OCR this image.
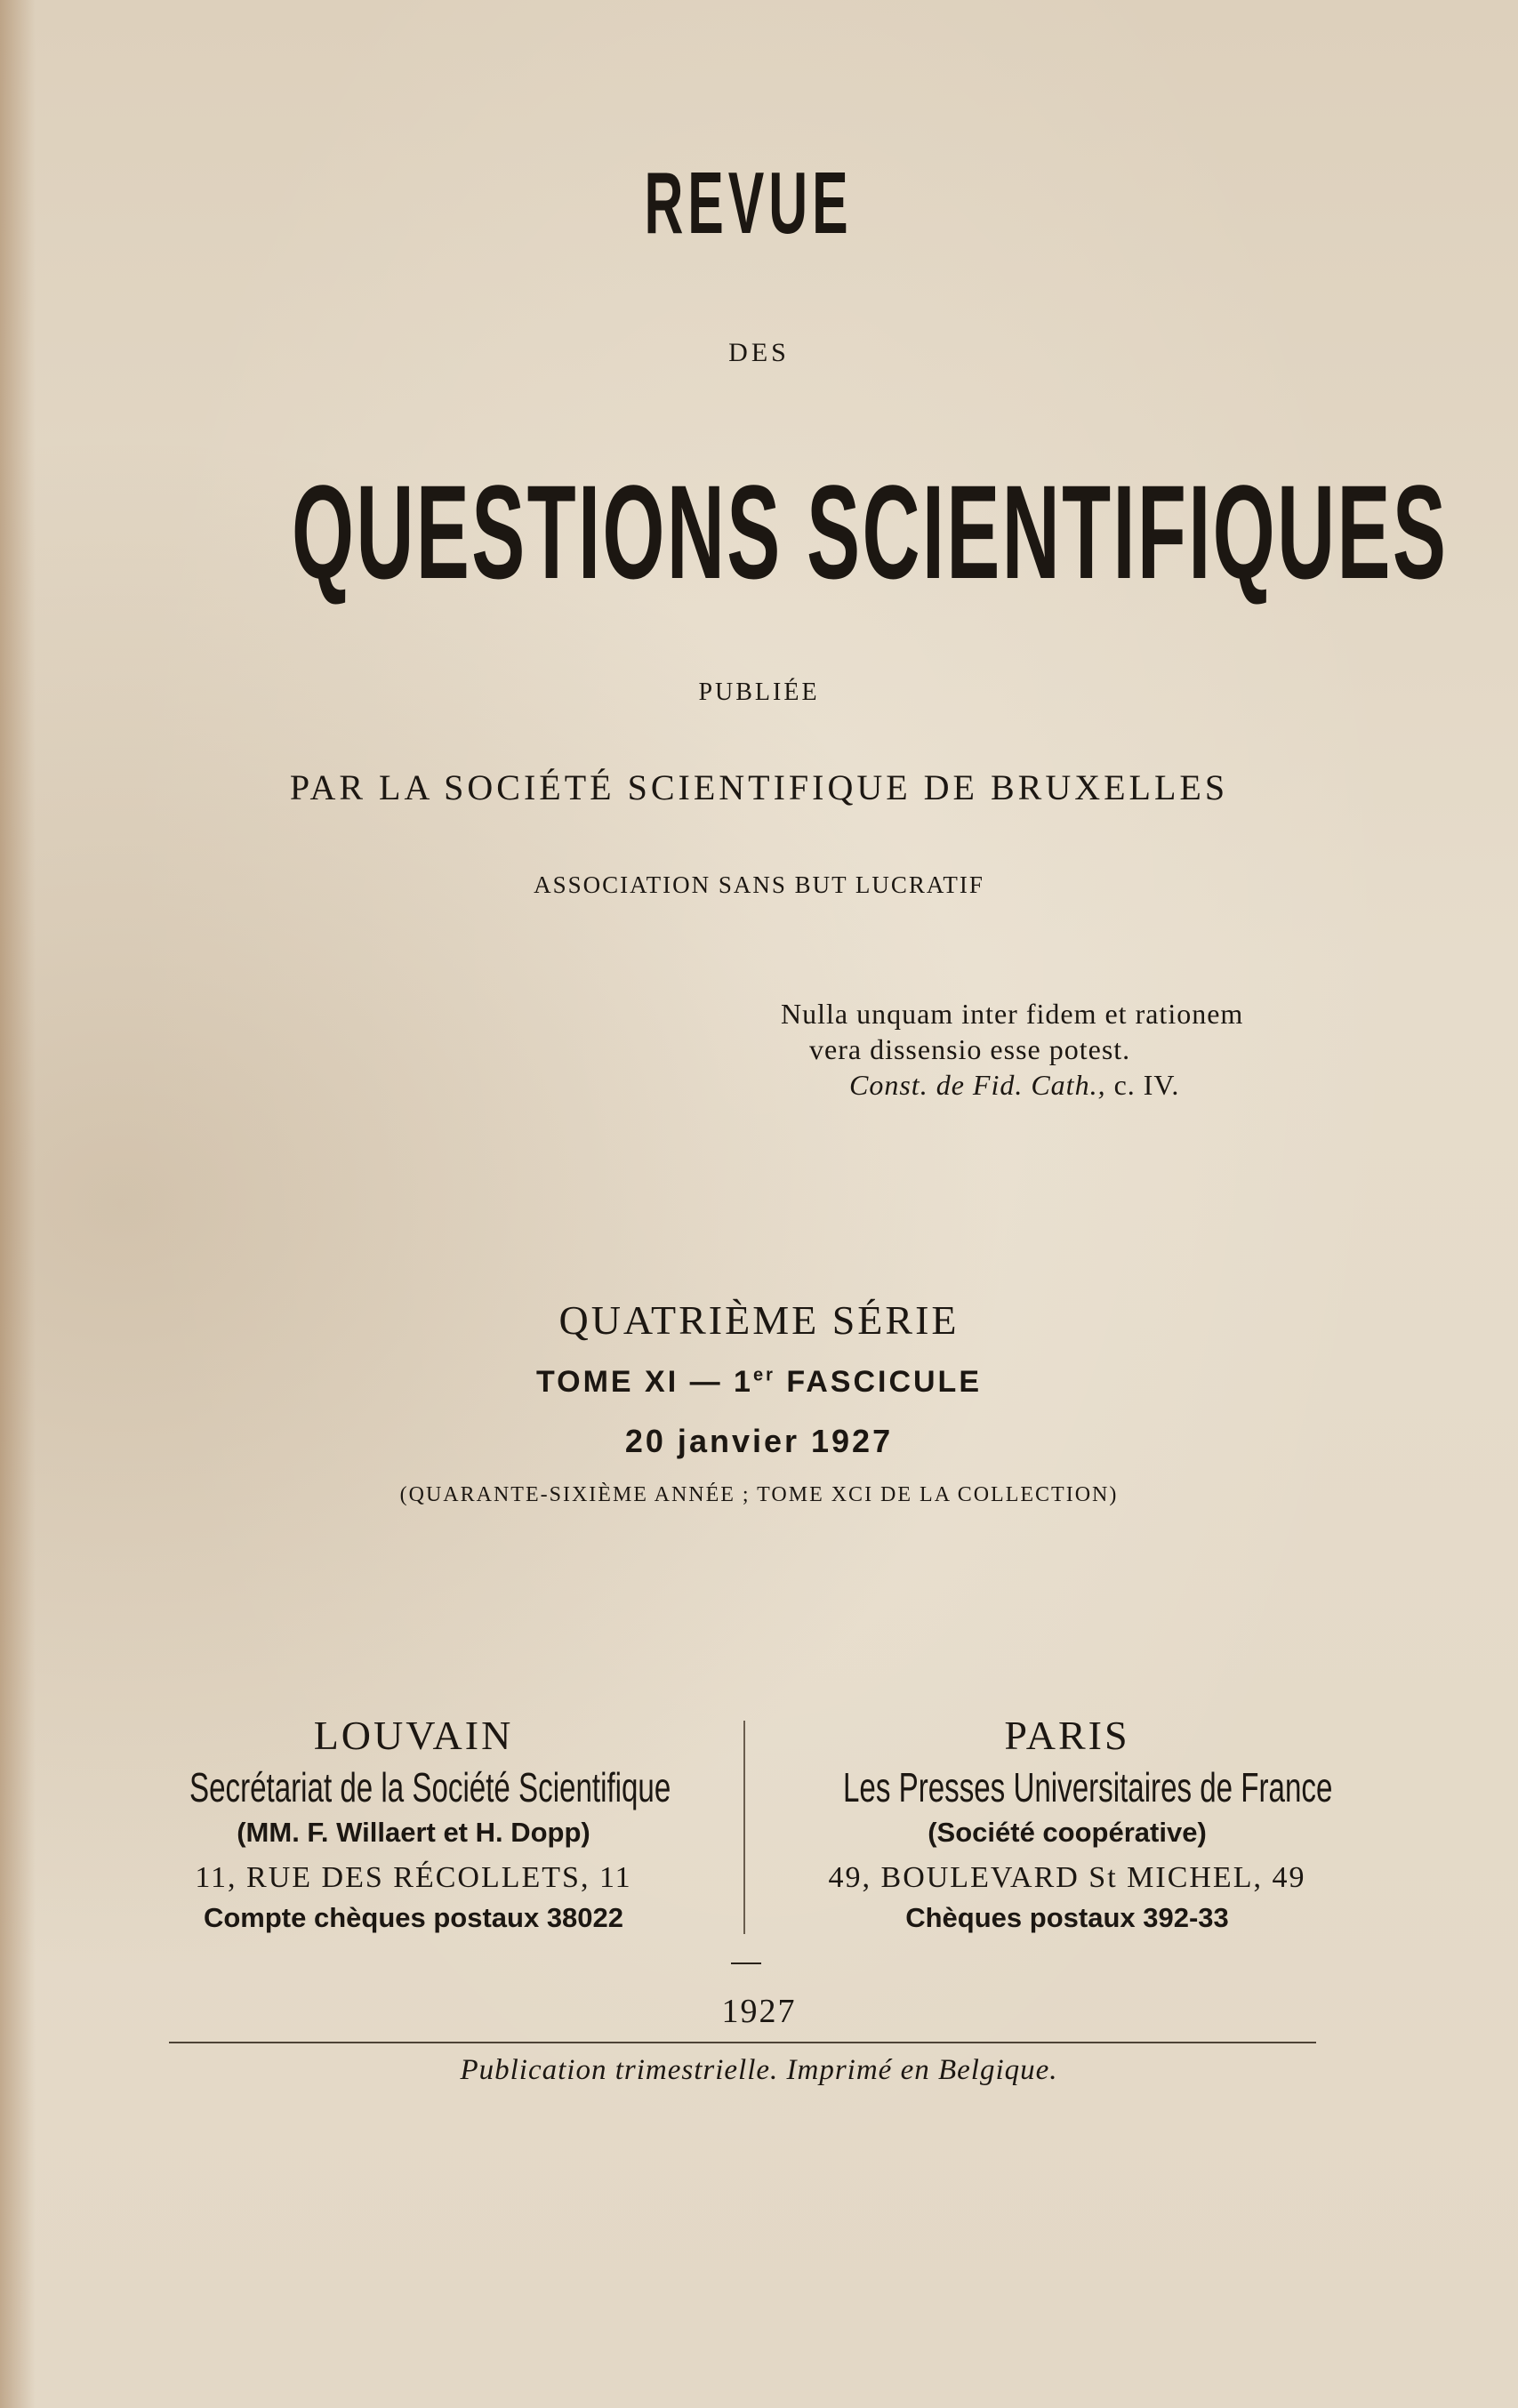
REVUE
DES
QUESTIONS SCIENTIFIQUES
PUBLIÉE
PAR LA SOCIÉTÉ SCIENTIFIQUE DE BRUXELLES
ASSOCIATION SANS BUT LUCRATIF
Nulla unquam inter fidem et rationem
vera dissensio esse potest.
Const. de Fid. Cath., c. IV.
QUATRIÈME SÉRIE
TOME XI — 1er FASCICULE
20 janvier 1927
(QUARANTE-SIXIÈME ANNÉE ; TOME XCI DE LA COLLECTION)
LOUVAIN
Secrétariat de la Société Scientifique
(MM. F. Willaert et H. Dopp)
11, RUE DES RÉCOLLETS, 11
Compte chèques postaux 38022
PARIS
Les Presses Universitaires de France
(Société coopérative)
49, BOULEVARD St MICHEL, 49
Chèques postaux 392-33
1927
Publication trimestrielle. Imprimé en Belgique.
